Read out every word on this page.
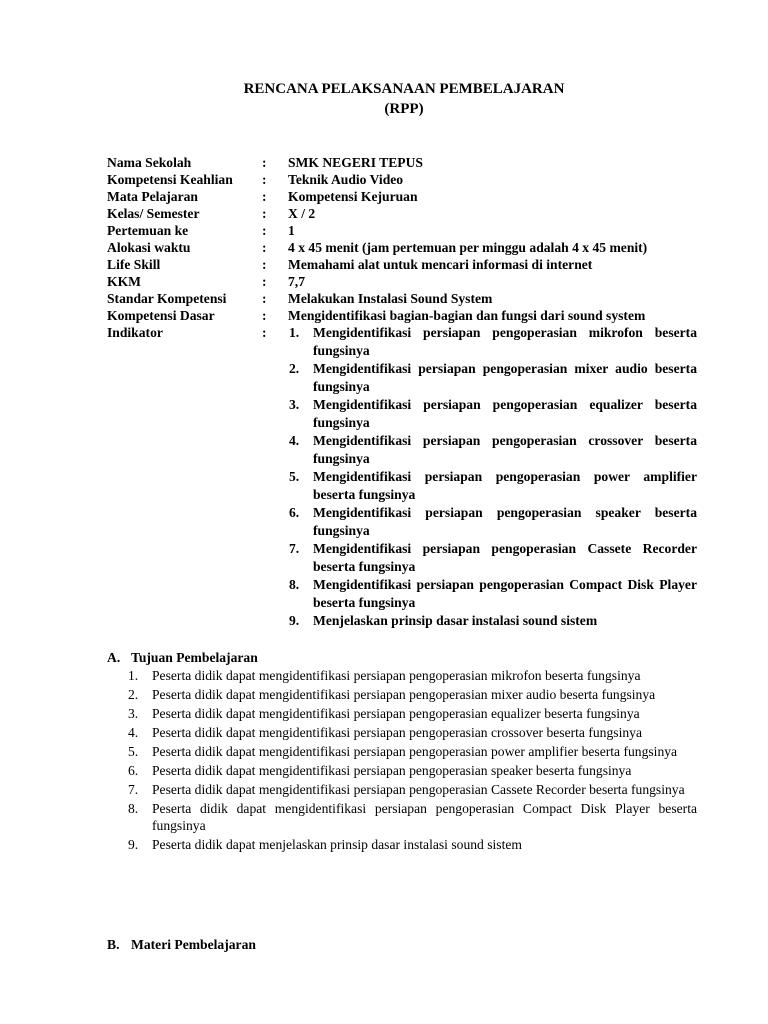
RENCANA PELAKSANAAN PEMBELAJARAN
(RPP)
Nama Sekolah	:	SMK NEGERI TEPUS
Kompetensi Keahlian	:	Teknik Audio Video
Mata Pelajaran	:	Kompetensi Kejuruan
Kelas/ Semester	:	X / 2
Pertemuan ke	:	1
Alokasi waktu	:	4 x 45 menit (jam pertemuan per minggu adalah 4 x 45 menit)
Life Skill	:	Memahami alat untuk mencari informasi di internet
KKM	:	7,7
Standar Kompetensi	:	Melakukan Instalasi Sound System
Kompetensi Dasar	:	Mengidentifikasi bagian-bagian dan fungsi dari sound system
Indikator	:	1.	Mengidentifikasi persiapan pengoperasian mikrofon beserta fungsinya
2.	Mengidentifikasi persiapan pengoperasian mixer audio beserta fungsinya
3.	Mengidentifikasi persiapan pengoperasian equalizer beserta fungsinya
4.	Mengidentifikasi persiapan pengoperasian crossover beserta fungsinya
5.	Mengidentifikasi persiapan pengoperasian power amplifier beserta fungsinya
6.	Mengidentifikasi persiapan pengoperasian speaker beserta fungsinya
7.	Mengidentifikasi persiapan pengoperasian Cassete Recorder beserta fungsinya
8.	Mengidentifikasi persiapan pengoperasian Compact Disk Player beserta fungsinya
9.	Menjelaskan prinsip dasar instalasi sound sistem
A. Tujuan Pembelajaran
1.	Peserta didik dapat mengidentifikasi persiapan pengoperasian mikrofon beserta fungsinya
2.	Peserta didik dapat mengidentifikasi persiapan pengoperasian mixer audio beserta fungsinya
3.	Peserta didik dapat mengidentifikasi persiapan pengoperasian equalizer beserta fungsinya
4.	Peserta didik dapat mengidentifikasi persiapan pengoperasian crossover beserta fungsinya
5.	Peserta didik dapat mengidentifikasi persiapan pengoperasian power amplifier beserta fungsinya
6.	Peserta didik dapat mengidentifikasi persiapan pengoperasian speaker beserta fungsinya
7.	Peserta didik dapat mengidentifikasi persiapan pengoperasian Cassete Recorder beserta fungsinya
8.	Peserta didik dapat mengidentifikasi persiapan pengoperasian Compact Disk Player beserta fungsinya
9.	Peserta didik dapat menjelaskan prinsip dasar instalasi sound sistem
B. Materi Pembelajaran
